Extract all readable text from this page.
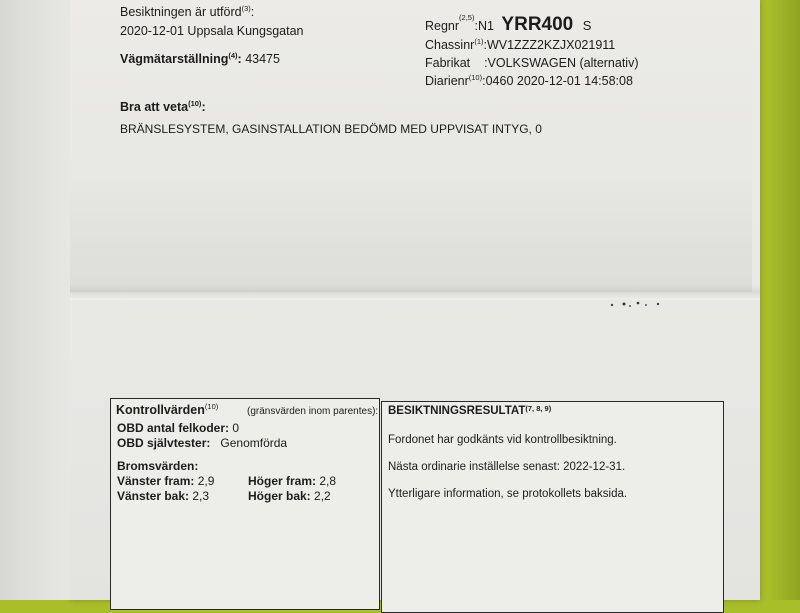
Besiktningen är utförd$^{(3)}$:
2020-12-01 Uppsala Kungsgatan
Vägmätarställning$^{(4)}$: 43475
Regnr$^{(2,5)}$:N1 YRR400 S
Chassinr$^{(1)}$:WV1ZZZ2KZJX021911
Fabrikat :VOLKSWAGEN (alternativ)
Diarienr$^{(10)}$:0460 2020-12-01 14:58:08
Bra att veta$^{(10)}$:
BRÄNSLESYSTEM, GASINSTALLATION BEDÖMD MED UPPVISAT INTYG, 0
Kontrollvärden$^{(10)}$	(gränsvärden inom parentes):
OBD antal felkoder: 0
OBD självtester: Genomförda
Bromsvärden:
Vänster fram: 2,9	Höger fram: 2,8
Vänster bak: 2,3	Höger bak: 2,2
BESIKTNINGSRESULTAT$^{(7, 8, 9)}$
Fordonet har godkänts vid kontrollbesiktning.
Nästa ordinarie inställelse senast: 2022-12-31.
Ytterligare information, se protokollets baksida.
